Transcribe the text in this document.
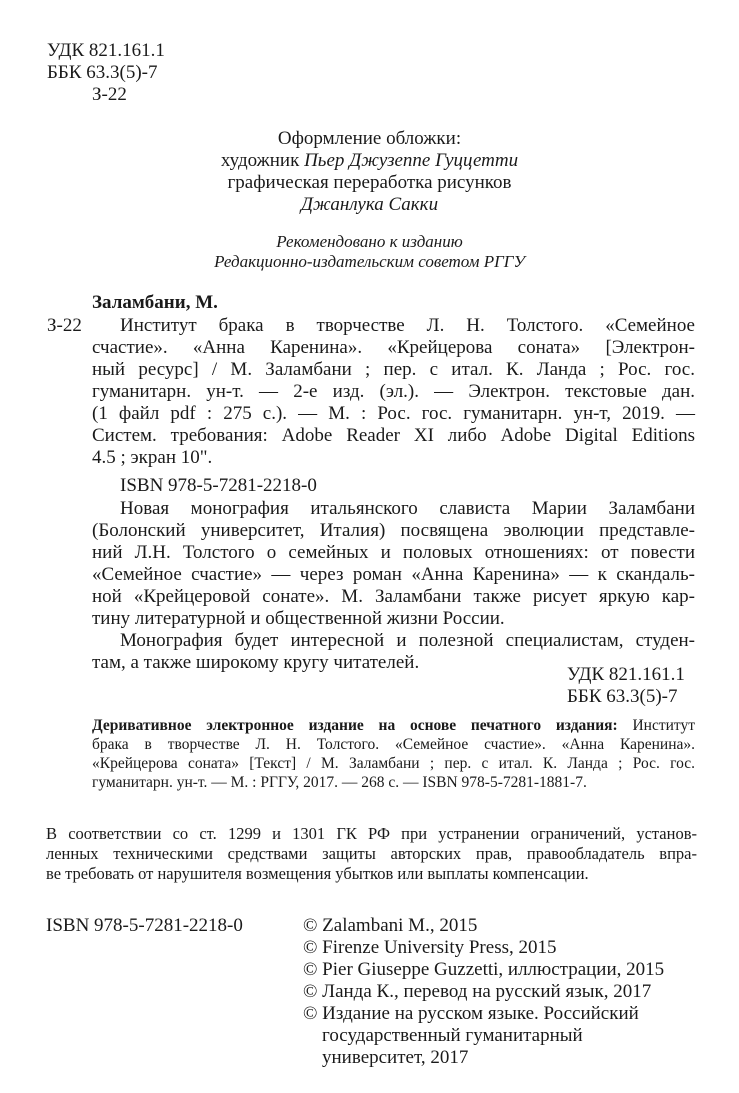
УДК 821.161.1
ББК 63.3(5)-7
З-22
Оформление обложки:
художник Пьер Джузеппе Гуццетти
графическая переработка рисунков
Джанлука Сакки
Рекомендовано к изданию
Редакционно-издательским советом РГГУ
Заламбани, М.
З-22	Институт брака в творчестве Л. Н. Толстого. «Семейное
счастие». «Анна Каренина». «Крейцерова соната» [Электрон-
ный ресурс] / М. Заламбани ; пер. с итал. К. Ланда ; Рос. гос.
гуманитарн. ун-т. — 2-е изд. (эл.). — Электрон. текстовые дан.
(1 файл pdf : 275 с.). — М. : Рос. гос. гуманитарн. ун-т, 2019. —
Систем. требования: Adobe Reader XI либо Adobe Digital Editions
4.5 ; экран 10".
ISBN 978-5-7281-2218-0
Новая монография итальянского слависта Марии Заламбани
(Болонский университет, Италия) посвящена эволюции представле-
ний Л.Н. Толстого о семейных и половых отношениях: от повести
«Семейное счастие» — через роман «Анна Каренина» — к скандаль-
ной «Крейцеровой сонате». М. Заламбани также рисует яркую кар-
тину литературной и общественной жизни России.
Монография будет интересной и полезной специалистам, студен-
там, а также широкому кругу читателей.
УДК 821.161.1
ББК 63.3(5)-7
Деривативное электронное издание на основе печатного издания: Институт
брака в творчестве Л. Н. Толстого. «Семейное счастие». «Анна Каренина».
«Крейцерова соната» [Текст] / М. Заламбани ; пер. с итал. К. Ланда ; Рос. гос.
гуманитарн. ун-т. — М. : РГГУ, 2017. — 268 с. — ISBN 978-5-7281-1881-7.
В соответствии со ст. 1299 и 1301 ГК РФ при устранении ограничений, установ-
ленных техническими средствами защиты авторских прав, правообладатель впра-
ве требовать от нарушителя возмещения убытков или выплаты компенсации.
ISBN 978-5-7281-2218-0	© Zalambani M., 2015
© Firenze University Press, 2015
© Pier Giuseppe Guzzetti, иллюстрации, 2015
© Ланда К., перевод на русский язык, 2017
© Издание на русском языке. Российский
государственный гуманитарный
университет, 2017
